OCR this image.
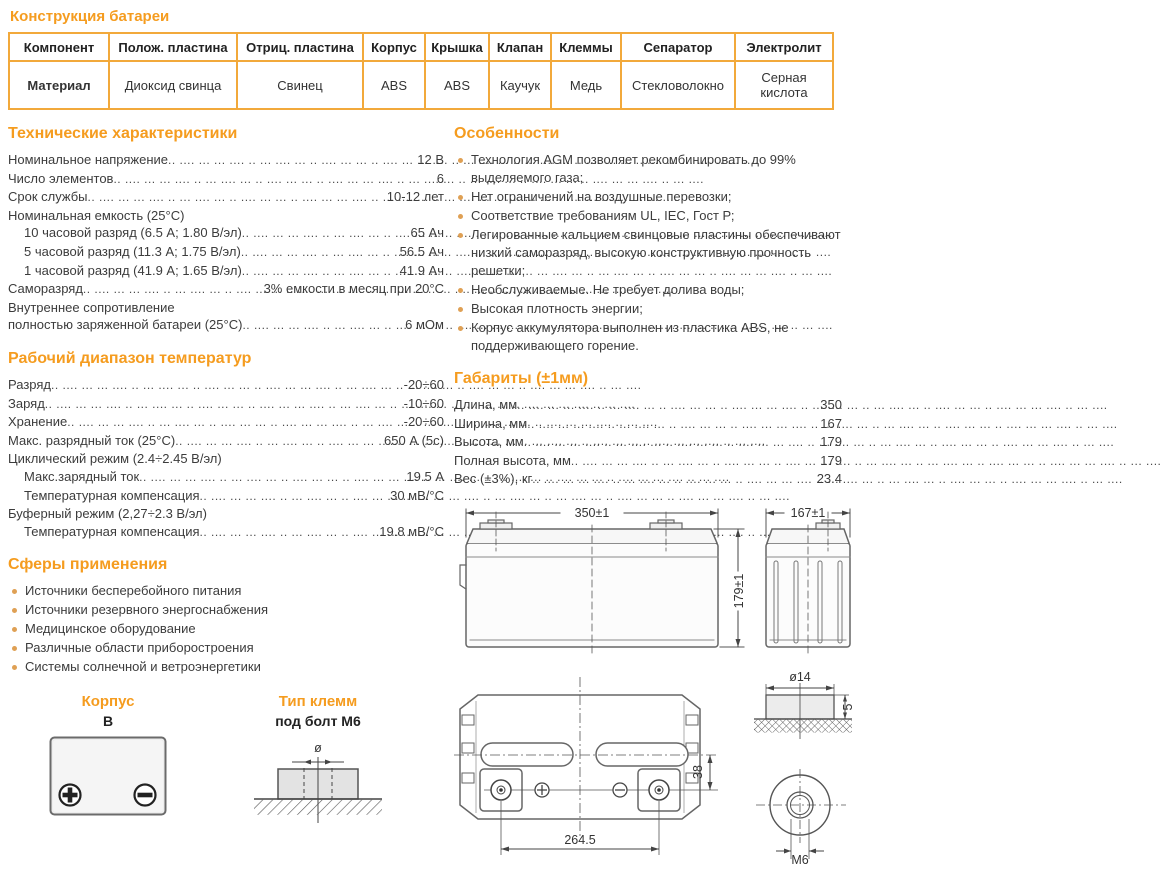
Конструкция батареи
Компонент	Полож. пластина	Отриц. пластина	Корпус	Крышка	Клапан	Клеммы	Сепаратор	Электролит
Материал	Диоксид свинца	Свинец	ABS	ABS	Каучук	Медь	Стекловолокно	Серная кислота
Технические характеристики
Номинальное напряжение .. ..	12 В
Число элементов .. ..	6
Срок службы .. ..	10-12 лет
Номинальная емкость (25°C)
10 часовой разряд (6.5 А; 1.80 В/эл) .. ..	65 Ач
5 часовой разряд (11.3 А; 1.75 В/эл) .. ..	56.5 Ач
1 часовой разряд (41.9 А; 1.65 В/эл) .. ..	41.9 Ач
Саморазряд .. ..	3% емкости в месяц при 20°C
Внутреннее сопротивление
полностью заряженной батареи (25°C) .. ..	6 мОм
Рабочий диапазон температур
Разряд .. ..	-20÷60
Заряд .. ..	-10÷60
Хранение .. ..	-20÷60
Макс. разрядный ток (25°C) .. ..	650 А (5с)
Циклический режим (2.4÷2.45 В/эл)
Макс.зарядный ток .. ..	19.5 А
Температурная компенсация .. ..	30 мВ/°С
Буферный режим (2,27÷2.3 В/эл)
Температурная компенсация .. ..	19.8 мВ/°С
Сферы применения
Источники бесперебойного питания
Источники резервного энергоснабжения
Медицинское оборудование
Различные области приборостроения
Системы солнечной и ветроэнергетики
Корпус
B
Тип клемм
под болт М6
ø
Особенности
Технология AGM позволяет рекомбинировать до 99% выделяемого газа;
Нет ограничений на воздушные перевозки;
Соответствие требованиям UL, IEC, Гост Р;
Легированные кальцием свинцовые пластины обеспечивают низкий саморазряд, высокую конструктивную прочность решетки;
Необслуживаемые. Не требует долива воды;
Высокая плотность энергии;
Корпус аккумулятора выполнен из пластика ABS, не поддерживающего горение.
Габариты (±1мм)
Длина, мм .. ..	350
Ширина, мм .. ..	167
Высота, мм .. ..	179
Полная высота, мм .. ..	179
Вес (±3%), кг .. ..	23.4
350±1
179±1
167±1
264.5
38
ø14
5
M6
